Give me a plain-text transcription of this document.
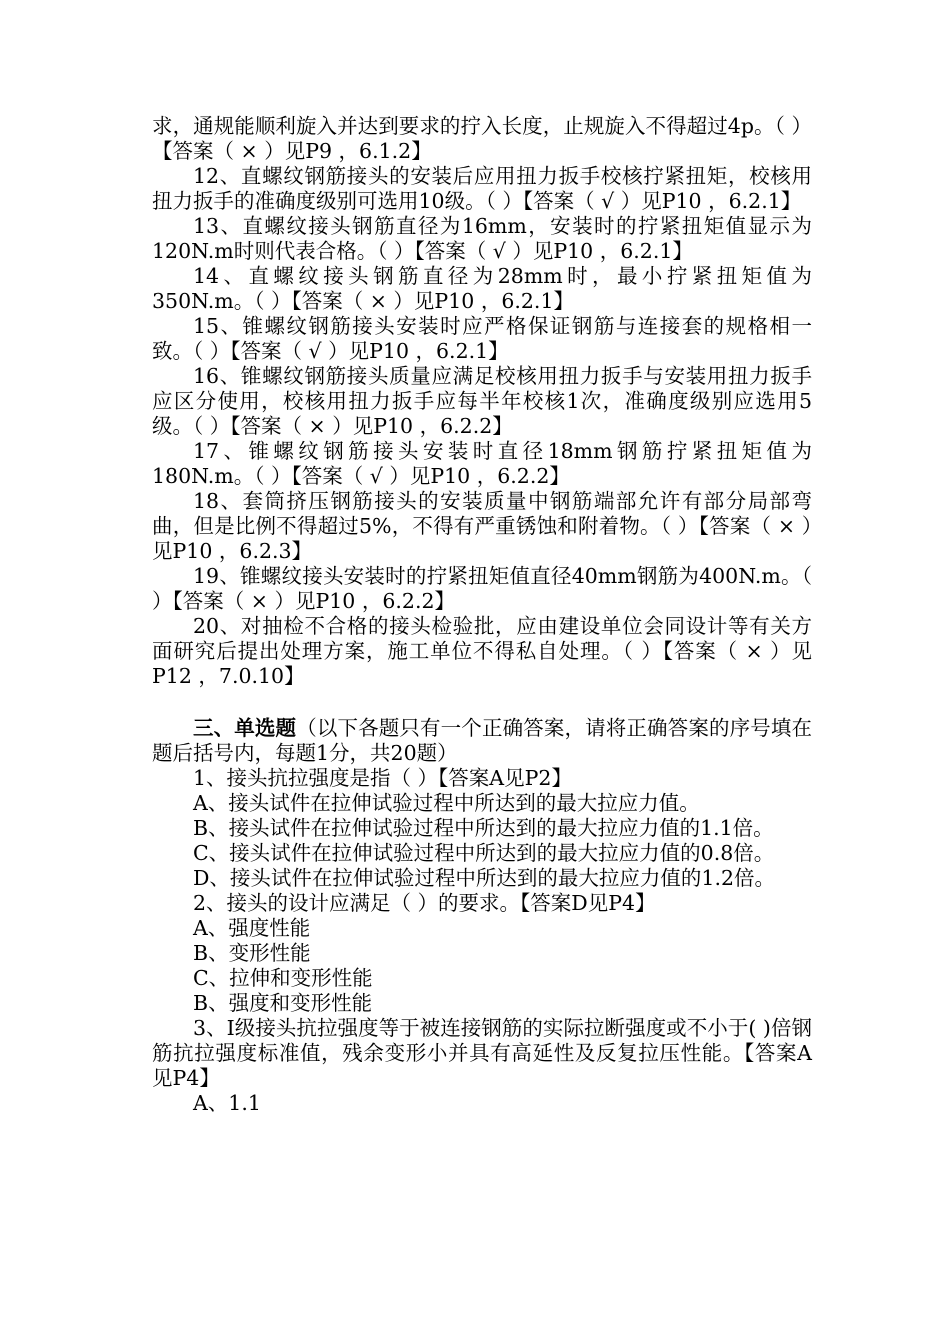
求，通规能顺利旋入并达到要求的拧入长度，止规旋入不得超过4p。（ ）【答案（ × ）见P9 ，6.1.2】

12、直螺纹钢筋接头的安装后应用扭力扳手校核拧紧扭矩，校核用扭力扳手的准确度级别可选用10级。（ ）【答案（ √ ）见P10 ，6.2.1】

13、直螺纹接头钢筋直径为16mm，安装时的拧紧扭矩值显示为120N.m时则代表合格。（ ）【答案（ √ ）见P10 ，6.2.1】

14、直螺纹接头钢筋直径为28mm时，最小拧紧扭矩值为350N.m。（ ）【答案（ × ）见P10 ，6.2.1】

15、锥螺纹钢筋接头安装时应严格保证钢筋与连接套的规格相一致。（ ）【答案（ √ ）见P10 ，6.2.1】

16、锥螺纹钢筋接头质量应满足校核用扭力扳手与安装用扭力扳手应区分使用，校核用扭力扳手应每半年校核1次，准确度级别应选用5级。（ ）【答案（ × ）见P10 ，6.2.2】

17、锥螺纹钢筋接头安装时直径18mm钢筋拧紧扭矩值为180N.m。（ ）【答案（ √ ）见P10 ，6.2.2】

18、套筒挤压钢筋接头的安装质量中钢筋端部允许有部分局部弯曲，但是比例不得超过5%，不得有严重锈蚀和附着物。（ ）【答案（ × ）见P10 ，6.2.3】

19、锥螺纹接头安装时的拧紧扭矩值直径40mm钢筋为400N.m。（ ）【答案（ × ）见P10 ，6.2.2】

20、对抽检不合格的接头检验批，应由建设单位会同设计等有关方面研究后提出处理方案，施工单位不得私自处理。（ ）【答案（ × ）见P12 ，7.0.10】

三、单选题（以下各题只有一个正确答案，请将正确答案的序号填在题后括号内，每题1分，共20题）

1、接头抗拉强度是指（ ）【答案A见P2】

A、接头试件在拉伸试验过程中所达到的最大拉应力值。

B、接头试件在拉伸试验过程中所达到的最大拉应力值的1.1倍。

C、接头试件在拉伸试验过程中所达到的最大拉应力值的0.8倍。

D、接头试件在拉伸试验过程中所达到的最大拉应力值的1.2倍。

2、接头的设计应满足（ ）的要求。【答案D见P4】

A、强度性能

B、变形性能

C、拉伸和变形性能

B、强度和变形性能

3、Ⅰ级接头抗拉强度等于被连接钢筋的实际拉断强度或不小于( )倍钢筋抗拉强度标准值，残余变形小并具有高延性及反复拉压性能。【答案A见P4】

A、1.1
